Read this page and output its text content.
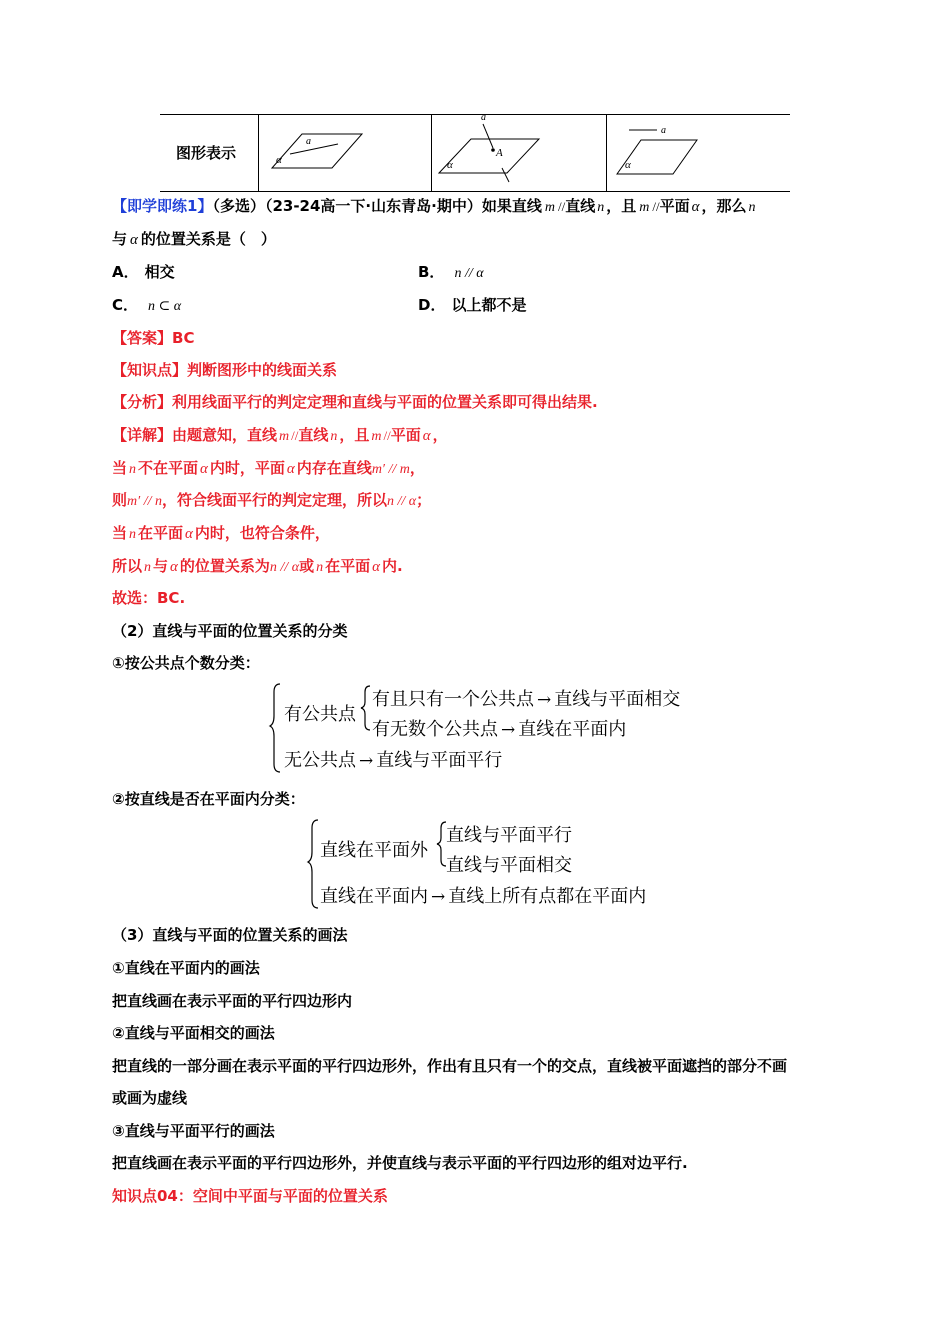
图形表示
a
α
a
A
α
a
α
【即学即练1】（多选）（23-24高一下·山东青岛·期中）如果直线 m //直线 n ，且 m //平面 α ，那么 n
与 α 的位置关系是（　）
A． 相交	B． n // α
C． n ⊂ α	D． 以上都不是
【答案】BC
【知识点】判断图形中的线面关系
【分析】利用线面平行的判定定理和直线与平面的位置关系即可得出结果.
【详解】由题意知，直线 m //直线 n ，且 m //平面 α ，
当 n 不在平面 α 内时，平面 α 内存在直线m′ // m，
则m′ // n，符合线面平行的判定定理，所以n // α；
当 n 在平面 α 内时，也符合条件，
所以 n 与 α 的位置关系为n // α或 n 在平面 α 内.
故选：BC.
（2）直线与平面的位置关系的分类
①按公共点个数分类：
有公共点
有且只有一个公共点 → 直线与平面相交
有无数个公共点 → 直线在平面内
无公共点 → 直线与平面平行
②按直线是否在平面内分类：
直线在平面外
直线与平面平行
直线与平面相交
直线在平面内 → 直线上所有点都在平面内
（3）直线与平面的位置关系的画法
①直线在平面内的画法
把直线画在表示平面的平行四边形内
②直线与平面相交的画法
把直线的一部分画在表示平面的平行四边形外，作出有且只有一个的交点，直线被平面遮挡的部分不画
或画为虚线
③直线与平面平行的画法
把直线画在表示平面的平行四边形外，并使直线与表示平面的平行四边形的组对边平行.
知识点04：空间中平面与平面的位置关系
